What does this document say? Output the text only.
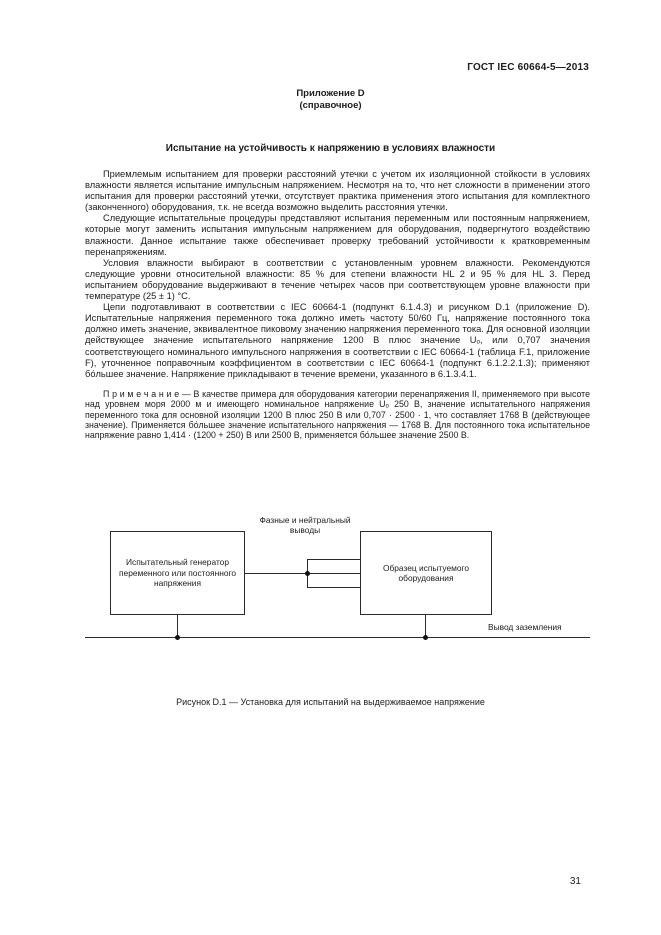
ГОСТ IEC 60664-5—2013
Приложение D
(справочное)
Испытание на устойчивость к напряжению в условиях влажности

Приемлемым испытанием для проверки расстояний утечки с учетом их изоляционной стойкости в условиях влажности является испытание импульсным напряжением. Несмотря на то, что нет сложности в применении этого испытания для проверки расстояний утечки, отсутствует практика применения этого испытания для комплектного (законченного) оборудования, т.к. не всегда возможно выделить расстояния утечки.

Следующие испытательные процедуры представляют испытания переменным или постоянным напряжением, которые могут заменить испытания импульсным напряжением для оборудования, подвергнутого воздействию влажности. Данное испытание также обеспечивает проверку требований устойчивости к кратковременным перенапряжениям.

Условия влажности выбирают в соответствии с установленным уровнем влажности. Рекомендуются следующие уровни относительной влажности: 85 % для степени влажности HL 2 и 95 % для HL 3. Перед испытанием оборудование выдерживают в течение четырех часов при соответствующем уровне влажности при температуре (25 ± 1) °С.

Цепи подготавливают в соответствии с IEC 60664-1 (подпункт 6.1.4.3) и рисунком D.1 (приложение D). Испытательные напряжения переменного тока должно иметь частоту 50/60 Гц, напряжение постоянного тока должно иметь значение, эквивалентное пиковому значению напряжения переменного тока. Для основной изоляции действующее значение испытательного напряжение 1200 В плюс значение Uₒ, или 0,707 значения соответствующего номинального импульсного напряжения в соответствии с IEC 60664-1 (таблица F.1, приложение F), уточненное поправочным коэффициентом в соответствии с IEC 60664-1 (подпункт 6.1.2.2.1.3); применяют бо́льшее значение. Напряжение прикладывают в течение времени, указанного в 6.1.3.4.1.

П р и м е ч а н и е — В качестве примера для оборудования категории перенапряжения II, применяемого при высоте над уровнем моря 2000 м и имеющего номинальное напряжение Uₒ 250 В, значение испытательного напряжения переменного тока для основной изоляции 1200 В плюс 250 В или 0,707 · 2500 · 1, что составляет 1768 В (действующее значение). Применяется бо́льшее значение испытательного напряжения — 1768 В. Для постоянного тока испытательное напряжение равно 1,414 · (1200 + 250) В или 2500 В, применяется бо́льшее значение 2500 В.

Фазные и нейтральный выводы
Испытательный генератор переменного или постоянного напряжения
Образец испытуемого оборудования
Вывод заземления
Рисунок D.1 — Установка для испытаний на выдерживаемое напряжение
31
